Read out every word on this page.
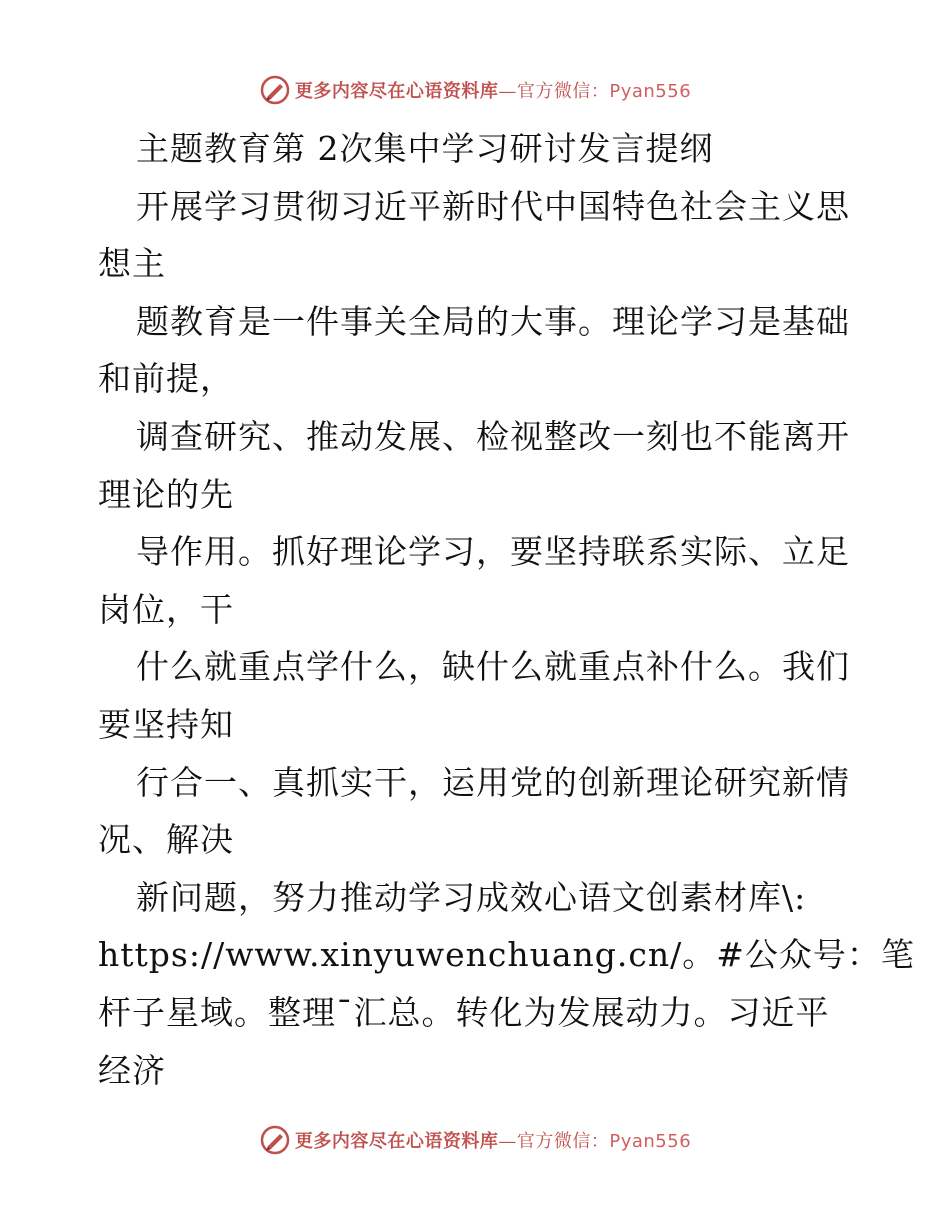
更多内容尽在心语资料库—官方微信：Pyan556
主题教育第 2次集中学习研讨发言提纲
开展学习贯彻习近平新时代中国特色社会主义思
想主
题教育是一件事关全局的大事。理论学习是基础
和前提，
调查研究、推动发展、检视整改一刻也不能离开
理论的先
导作用。抓好理论学习，要坚持联系实际、立足
岗位，干
什么就重点学什么，缺什么就重点补什么。我们
要坚持知
行合一、真抓实干，运用党的创新理论研究新情
况、解决
新问题，努力推动学习成效心语文创素材库\:
https://www.xinyuwenchuang.cn/。#公众号：笔
杆子星域。整理¯汇总。转化为发展动力。习近平
经济
更多内容尽在心语资料库—官方微信：Pyan556
